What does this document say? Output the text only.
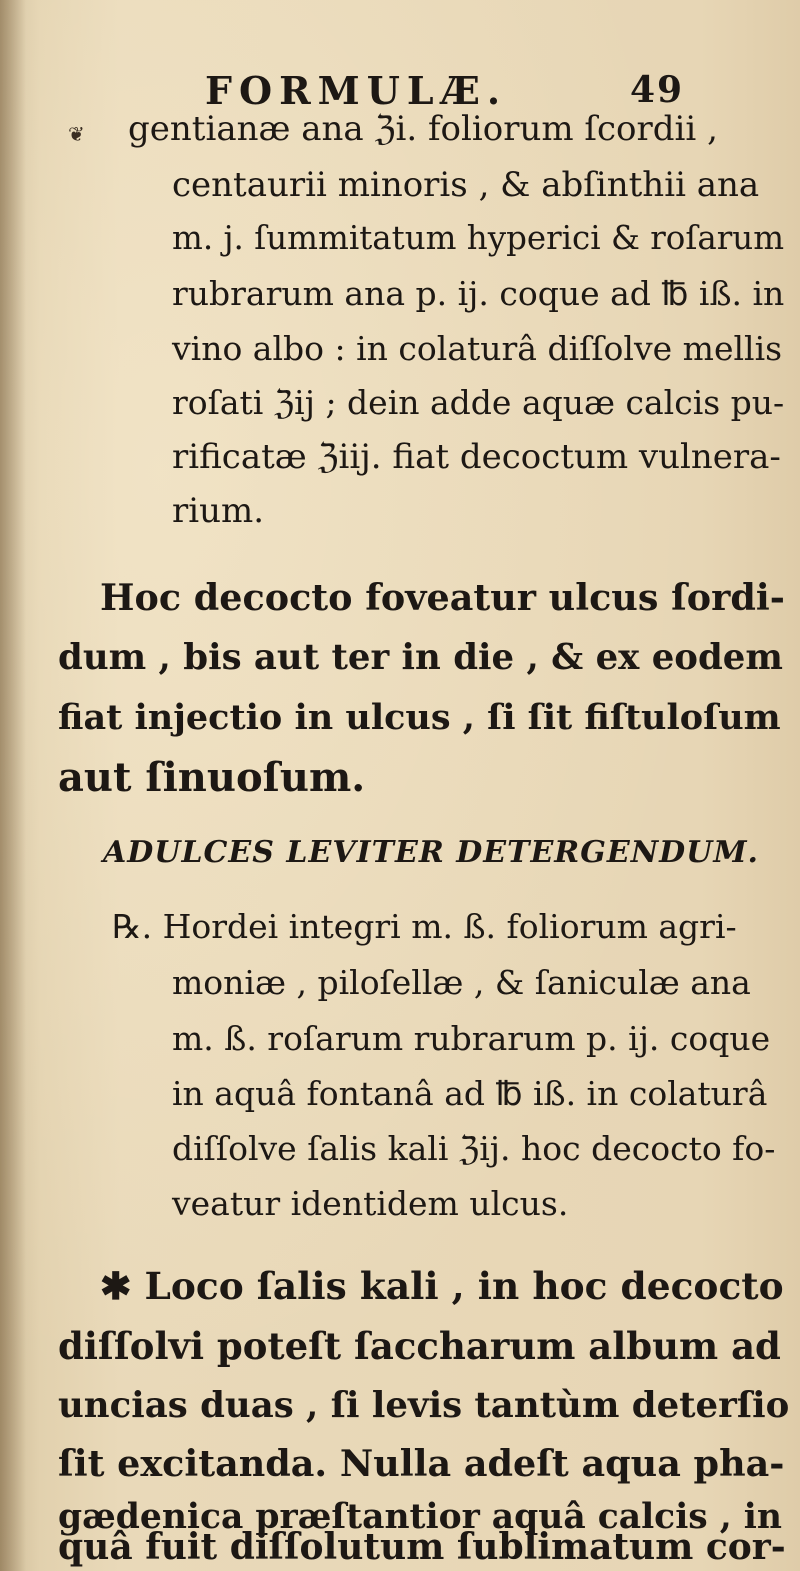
FORMULÆ.	49
❦ gentianæ ana ℨi. foliorum ſcordii ,
centaurii minoris , & abſinthii ana
m. j. ſummitatum hyperici & roſarum
rubrarum ana p. ij. coque ad ℔ iß. in
vino albo : in colaturâ diſſolve mellis
roſati ℨij ; dein adde aquæ calcis pu-
rificatæ ℨiij. fiat decoctum vulnera-
rium.
Hoc decocto foveatur ulcus ſordi-
dum , bis aut ter in die , & ex eodem
fiat injectio in ulcus , ſi ſit fiſtuloſum
aut ſinuoſum.
ADULCES LEVITER DETERGENDUM.
℞. Hordei integri m. ß. foliorum agri-
moniæ , piloſellæ , & ſaniculæ ana
m. ß. roſarum rubrarum p. ij. coque
in aquâ fontanâ ad ℔ iß. in colaturâ
diſſolve ſalis kali ℨij. hoc decocto fo-
veatur identidem ulcus.
✱ Loco ſalis kali , in hoc decocto
diſſolvi poteſt ſaccharum album ad
uncias duas , ſi levis tantùm deterſio
ſit excitanda. Nulla adeſt aqua pha-
gædenica præſtantior aquâ calcis , in
quâ fuit diſſolutum ſublimatum cor-
